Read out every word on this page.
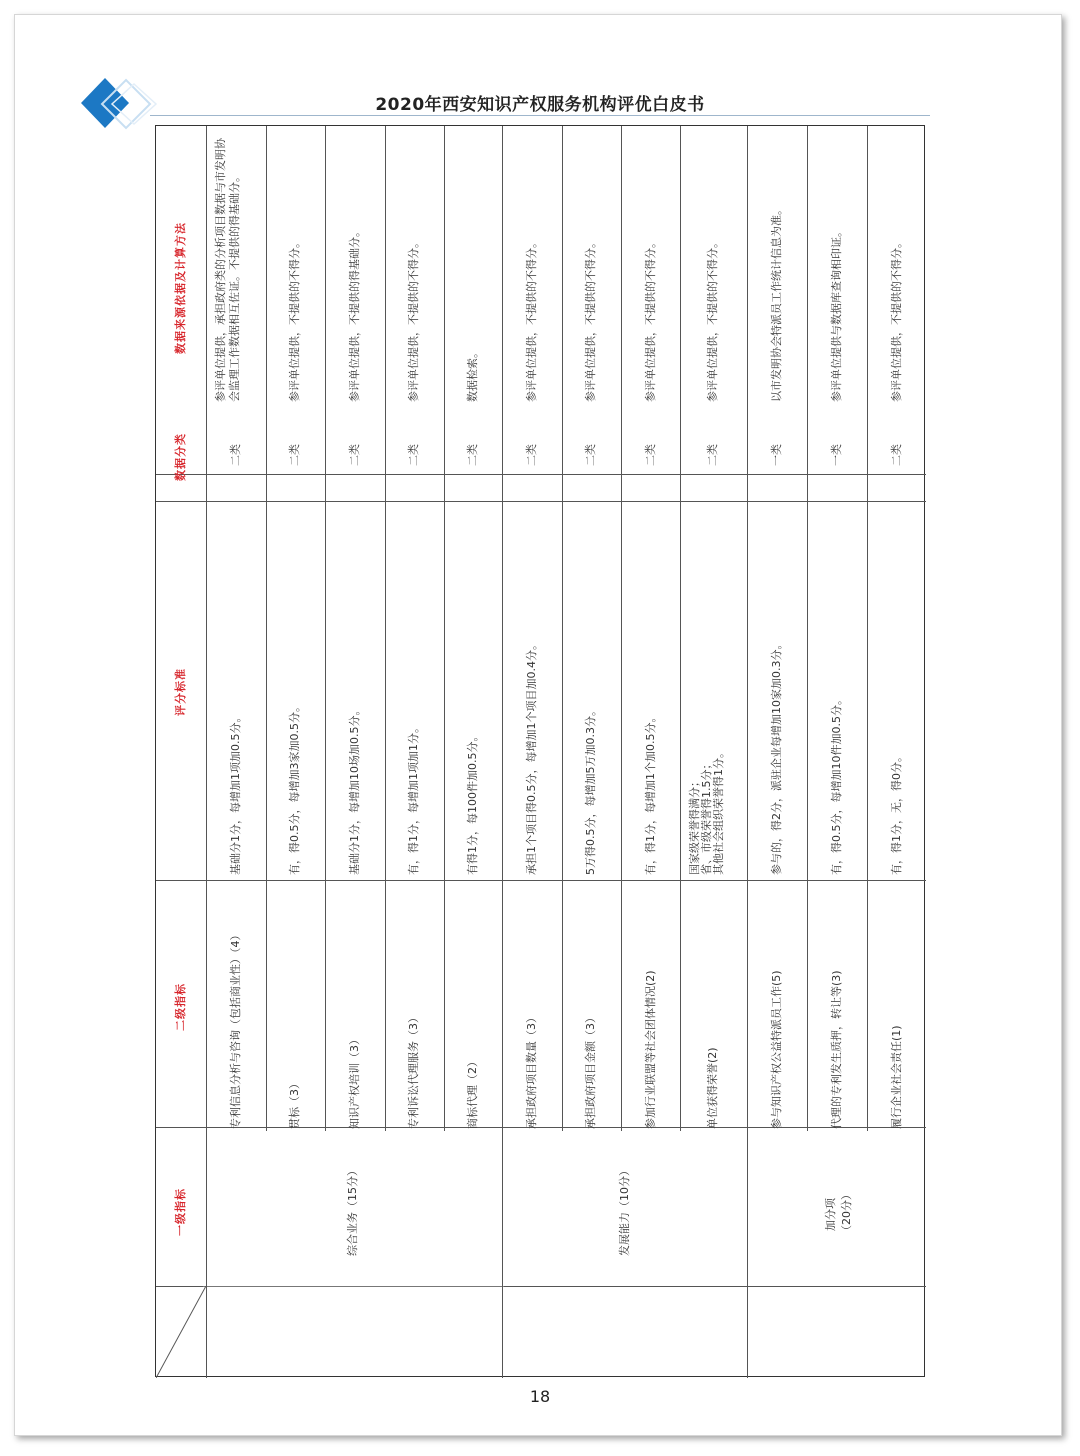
2020年西安知识产权服务机构评优白皮书
一级指标
二级指标
评分标准
数据分类
数据来源依据及计算方法
综合业务（15分）	发展能力（10分）	加分项 （20分）
专利信息分析与咨询（包括商业性）（4）
基础分1分，每增加1项加0.5分。
二类
参评单位提供，承担政府类的分析项目数据与市发明协会监理工作数据相互佐证。不提供的得基础分。
贯标（3）
有，得0.5分，每增加3家加0.5分。
二类
参评单位提供，不提供的不得分。
知识产权培训（3）
基础分1分，每增加10场加0.5分。
二类
参评单位提供，不提供的得基础分。
专利诉讼代理服务（3）
有，得1分，每增加1项加1分。
二类
参评单位提供，不提供的不得分。
商标代理（2）
有得1分，每100件加0.5分。
二类
数据检索。
承担政府项目数量（3）
承担1个项目得0.5分，每增加1个项目加0.4分。
二类
参评单位提供，不提供的不得分。
承担政府项目金额（3）
5万得0.5分，每增加5万加0.3分。
二类
参评单位提供，不提供的不得分。
参加行业联盟等社会团体情况(2)
有，得1分，每增加1个加0.5分。
二类
参评单位提供，不提供的不得分。
单位获得荣誉(2)
国家级荣誉得满分； 省、市级荣誉得1.5分； 其他社会组织荣誉得1分。
二类
参评单位提供，不提供的不得分。
参与知识产权公益特派员工作(5)
参与的，得2分，派驻企业每增加10家加0.3分。
一类
以市发明协会特派员工作统计信息为准。
代理的专利发生质押，转让等(3)
有，得0.5分，每增加10件加0.5分。
一类
参评单位提供与数据库查询相印证。
履行企业社会责任(1)
有，得1分，无，得0分。
二类
参评单位提供，不提供的不得分。
18
